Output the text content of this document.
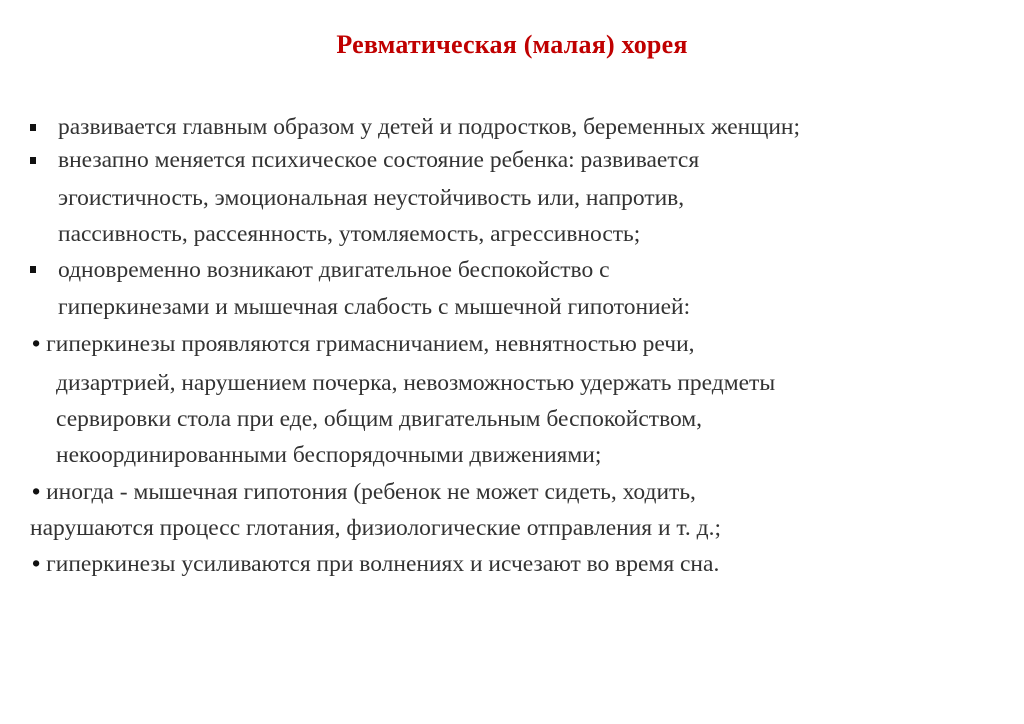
Ревматическая (малая) хорея
развивается главным образом у детей и подростков, беременных женщин;
внезапно меняется психическое состояние ребенка: развивается
эгоистичность, эмоциональная неустойчивость или, напротив,
пассивность, рассеянность, утомляемость, агрессивность;
одновременно возникают двигательное беспокойство с
гиперкинезами и мышечная слабость с мышечной гипотонией:
• гиперкинезы проявляются гримасничанием, невнятностью речи,
дизартрией, нарушением почерка, невозможностью удержать предметы
сервировки стола при еде, общим двигательным беспокойством,
некоординированными беспорядочными движениями;
• иногда - мышечная гипотония (ребенок не может сидеть, ходить,
нарушаются процесс глотания, физиологические отправления и т. д.;
• гиперкинезы усиливаются при волнениях и исчезают во время сна.
